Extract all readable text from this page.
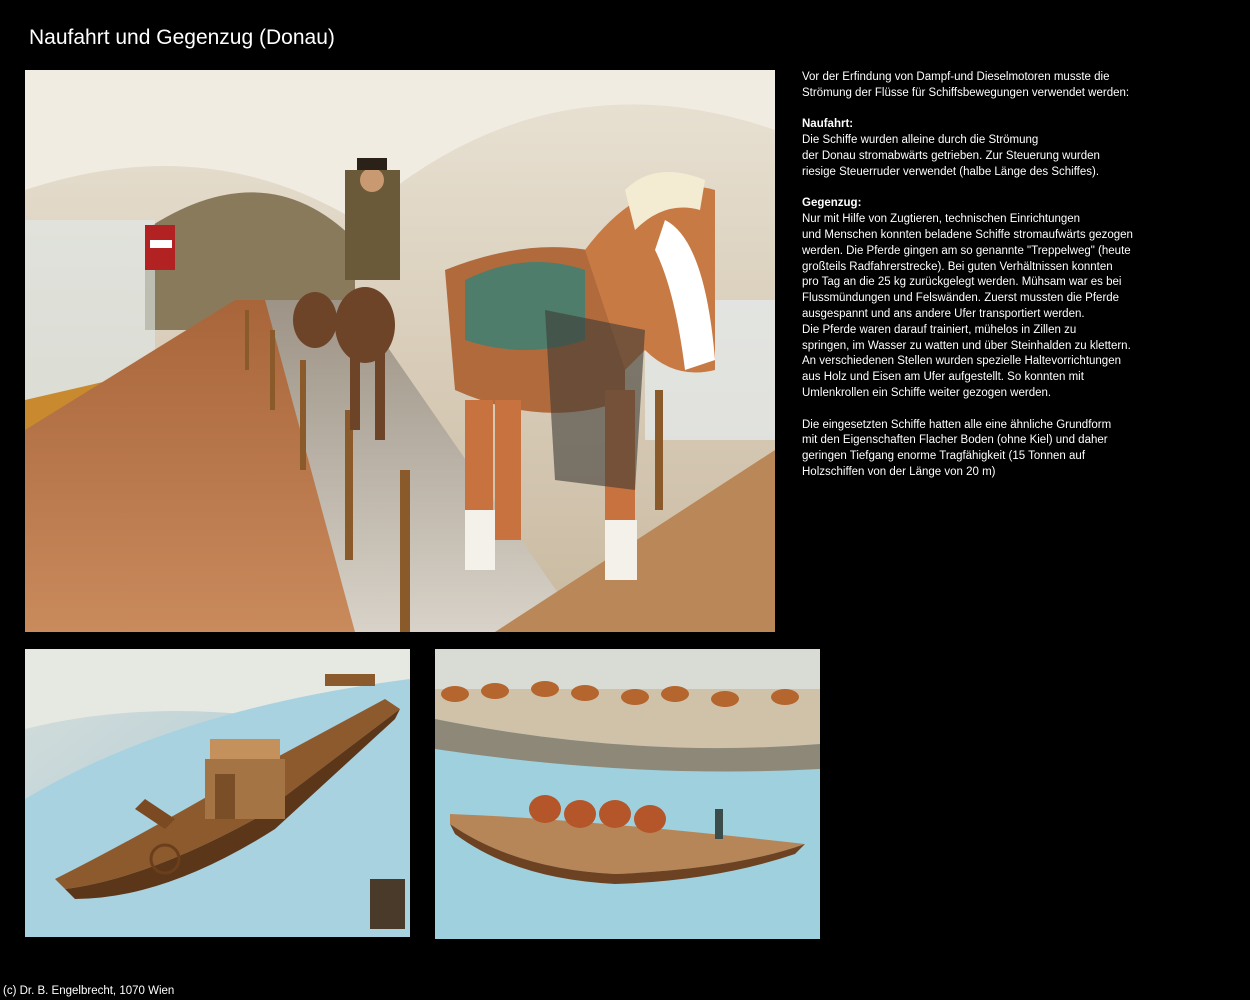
Naufahrt und Gegenzug (Donau)

Vor der Erfindung von Dampf-und Dieselmotoren musste die
Strömung der Flüsse für Schiffsbewegungen verwendet werden:

Naufahrt:
Die Schiffe wurden alleine durch die Strömung
der Donau stromabwärts getrieben. Zur Steuerung wurden
riesige Steuerruder verwendet (halbe Länge des Schiffes).

Gegenzug:
Nur mit Hilfe von Zugtieren, technischen Einrichtungen
und Menschen konnten beladene Schiffe stromaufwärts gezogen
werden. Die Pferde gingen am so genannte "Treppelweg" (heute
großteils Radfahrerstrecke). Bei guten Verhältnissen konnten
pro Tag an die 25 kg zurückgelegt werden. Mühsam war es bei
Flussmündungen und Felswänden. Zuerst mussten die Pferde
ausgespannt und ans andere Ufer transportiert werden.
Die Pferde waren darauf trainiert, mühelos in Zillen zu
springen, im Wasser zu watten und über Steinhalden zu klettern.
An verschiedenen Stellen wurden spezielle Haltevorrichtungen
aus Holz und Eisen am Ufer aufgestellt. So konnten mit
Umlenkrollen ein Schiffe weiter gezogen werden.

Die eingesetzten Schiffe hatten alle eine ähnliche Grundform
mit den Eigenschaften Flacher Boden (ohne Kiel) und daher
geringen Tiefgang enorme Tragfähigkeit (15 Tonnen auf
Holzschiffen von der Länge von 20 m)

(c) Dr. B. Engelbrecht, 1070 Wien
